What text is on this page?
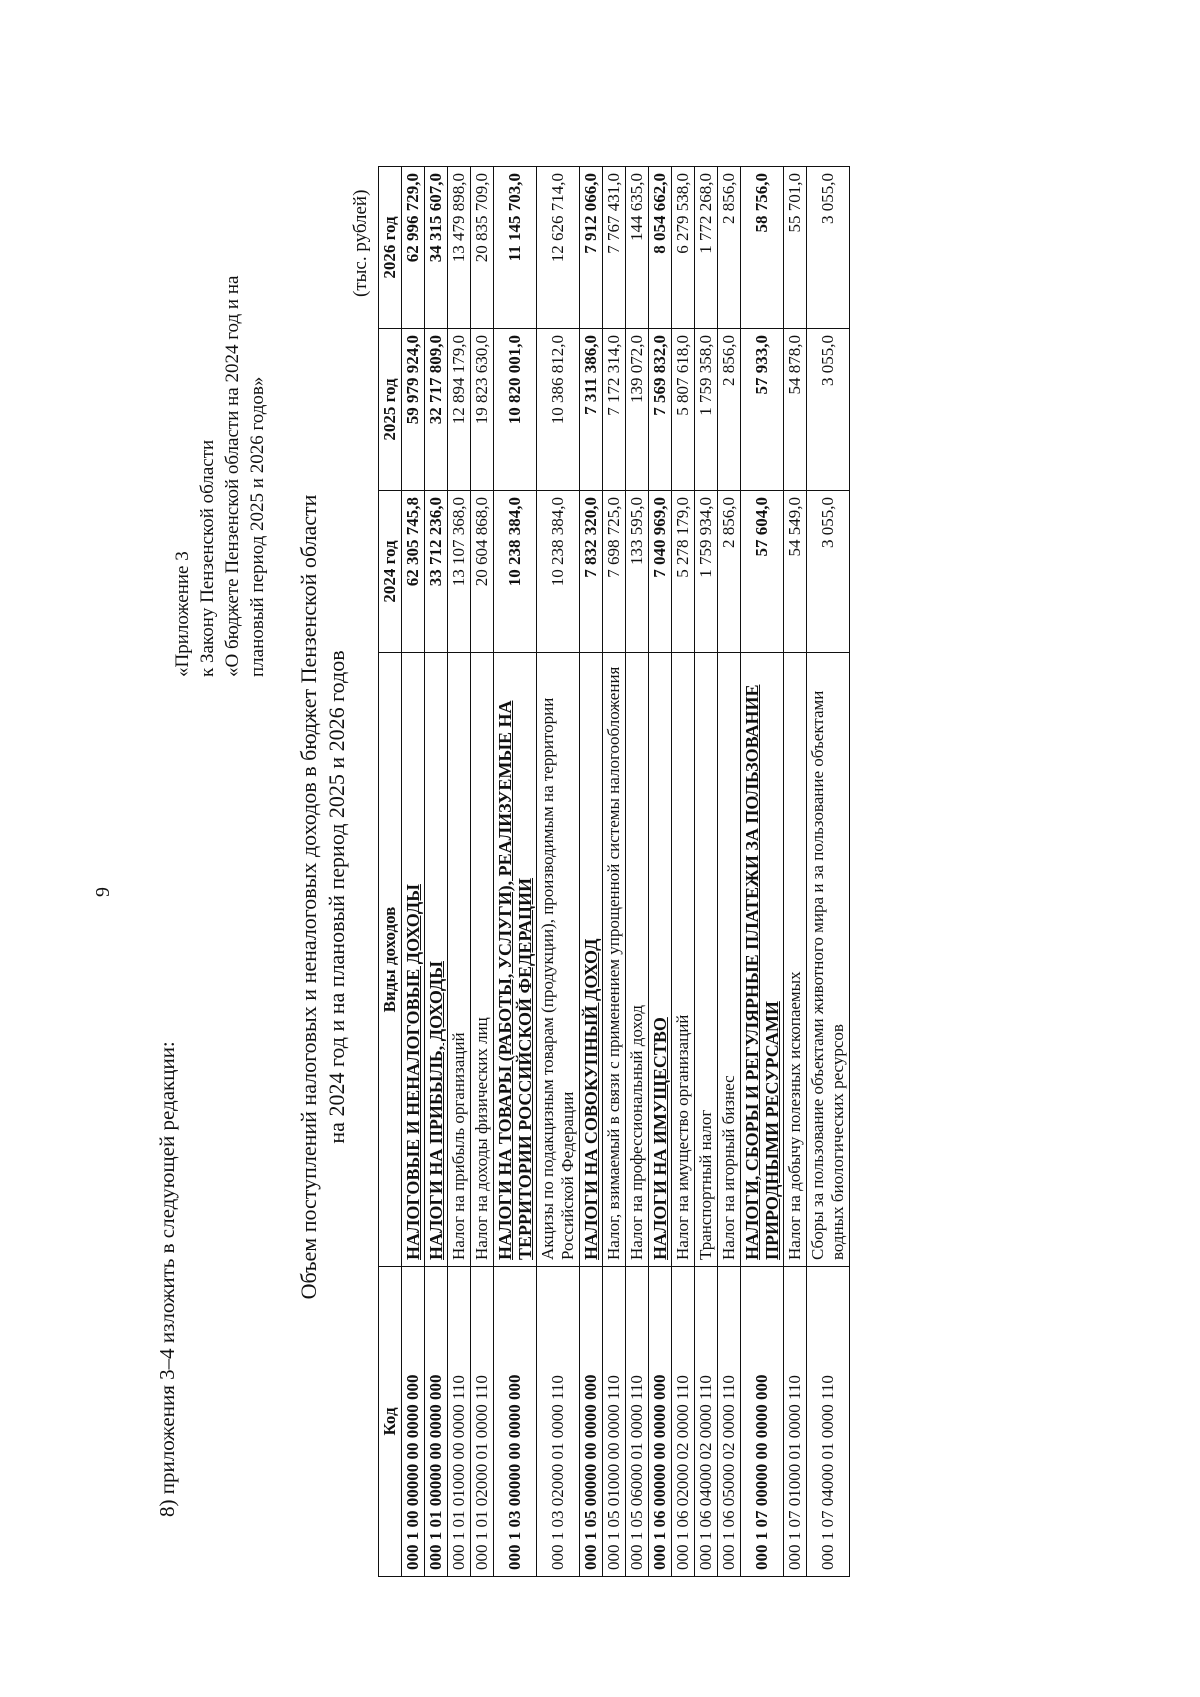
9
8) приложения 3–4 изложить в следующей редакции:
«Приложение 3 к Закону Пензенской области «О бюджете Пензенской области на 2024 год и на плановый период 2025 и 2026 годов» Объем поступлений налоговых и неналоговых доходов в бюджет Пензенской области на 2024 год и на плановый период 2025 и 2026 годов
(тыс. рублей)
Код	Виды доходов	2024 год	2025 год	2026 год
000 1 00 00000 00 0000 000	НАЛОГОВЫЕ И НЕНАЛОГОВЫЕ ДОХОДЫ	62 305 745,8	59 979 924,0	62 996 729,0
000 1 01 00000 00 0000 000	НАЛОГИ НА ПРИБЫЛЬ, ДОХОДЫ	33 712 236,0	32 717 809,0	34 315 607,0
000 1 01 01000 00 0000 110	Налог на прибыль организаций	13 107 368,0	12 894 179,0	13 479 898,0
000 1 01 02000 01 0000 110	Налог на доходы физических лиц	20 604 868,0	19 823 630,0	20 835 709,0
000 1 03 00000 00 0000 000	НАЛОГИ НА ТОВАРЫ (РАБОТЫ, УСЛУГИ), РЕАЛИЗУЕМЫЕ НА ТЕРРИТОРИИ РОССИЙСКОЙ ФЕДЕРАЦИИ	10 238 384,0	10 820 001,0	11 145 703,0
000 1 03 02000 01 0000 110	Акцизы по подакцизным товарам (продукции), производимым на территории Российской Федерации	10 238 384,0	10 386 812,0	12 626 714,0
000 1 05 00000 00 0000 000	НАЛОГИ НА СОВОКУПНЫЙ ДОХОД	7 832 320,0	7 311 386,0	7 912 066,0
000 1 05 01000 00 0000 110	Налог, взимаемый в связи с применением упрощенной системы налогообложения	7 698 725,0	7 172 314,0	7 767 431,0
000 1 05 06000 01 0000 110	Налог на профессиональный доход	133 595,0	139 072,0	144 635,0
000 1 06 00000 00 0000 000	НАЛОГИ НА ИМУЩЕСТВО	7 040 969,0	7 569 832,0	8 054 662,0
000 1 06 02000 02 0000 110	Налог на имущество организаций	5 278 179,0	5 807 618,0	6 279 538,0
000 1 06 04000 02 0000 110	Транспортный налог	1 759 934,0	1 759 358,0	1 772 268,0
000 1 06 05000 02 0000 110	Налог на игорный бизнес	2 856,0	2 856,0	2 856,0
000 1 07 00000 00 0000 000	НАЛОГИ, СБОРЫ И РЕГУЛЯРНЫЕ ПЛАТЕЖИ ЗА ПОЛЬЗОВАНИЕ ПРИРОДНЫМИ РЕСУРСАМИ	57 604,0	57 933,0	58 756,0
000 1 07 01000 01 0000 110	Налог на добычу полезных ископаемых	54 549,0	54 878,0	55 701,0
000 1 07 04000 01 0000 110	Сборы за пользование объектами животного мира и за пользование объектами водных биологических ресурсов	3 055,0	3 055,0	3 055,0
